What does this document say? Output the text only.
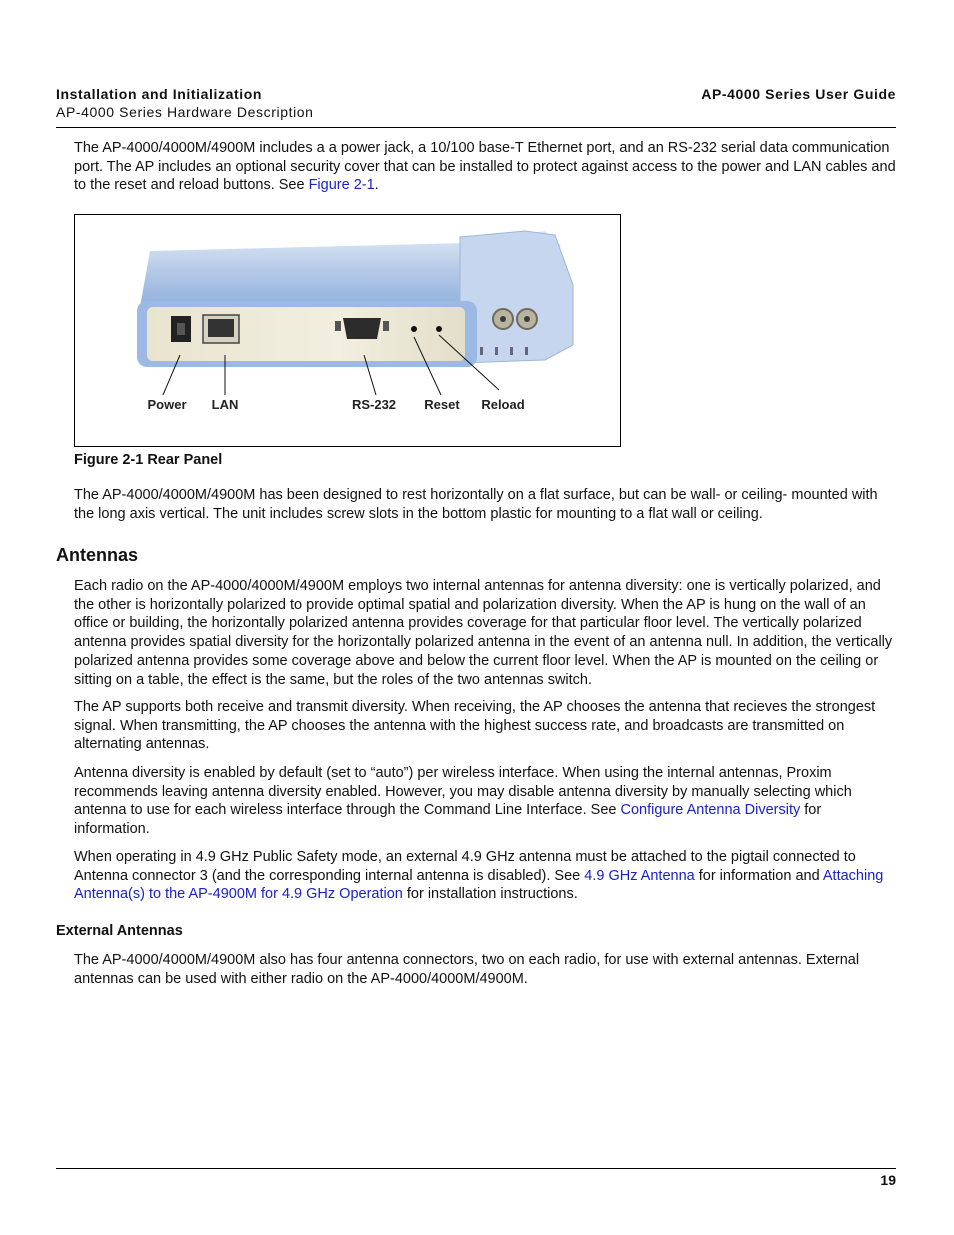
Installation and Initialization
AP-4000 Series Hardware Description
AP-4000 Series User Guide

The AP-4000/4000M/4900M includes a a power jack, a 10/100 base-T Ethernet port, and an RS-232 serial data communication port. The AP includes an optional security cover that can be installed to protect against access to the power and LAN cables and to the reset and reload buttons. See Figure 2-1.

Power LAN	RS-232 Reset Reload
Figure 2-1 Rear Panel

The AP-4000/4000M/4900M has been designed to rest horizontally on a flat surface, but can be wall- or ceiling- mounted with the long axis vertical. The unit includes screw slots in the bottom plastic for mounting to a flat wall or ceiling.

Antennas

Each radio on the AP-4000/4000M/4900M employs two internal antennas for antenna diversity: one is vertically polarized, and the other is horizontally polarized to provide optimal spatial and polarization diversity. When the AP is hung on the wall of an office or building, the horizontally polarized antenna provides coverage for that particular floor level. The vertically polarized antenna provides spatial diversity for the horizontally polarized antenna in the event of an antenna null. In addition, the vertically polarized antenna provides some coverage above and below the current floor level. When the AP is mounted on the ceiling or sitting on a table, the effect is the same, but the roles of the two antennas switch.

The AP supports both receive and transmit diversity. When receiving, the AP chooses the antenna that recieves the strongest signal. When transmitting, the AP chooses the antenna with the highest success rate, and broadcasts are transmitted on alternating antennas.

Antenna diversity is enabled by default (set to “auto”) per wireless interface. When using the internal antennas, Proxim recommends leaving antenna diversity enabled. However, you may disable antenna diversity by manually selecting which antenna to use for each wireless interface through the Command Line Interface. See Configure Antenna Diversity for information.

When operating in 4.9 GHz Public Safety mode, an external 4.9 GHz antenna must be attached to the pigtail connected to Antenna connector 3 (and the corresponding internal antenna is disabled). See 4.9 GHz Antenna for information and Attaching Antenna(s) to the AP-4900M for 4.9 GHz Operation for installation instructions.

External Antennas

The AP-4000/4000M/4900M also has four antenna connectors, two on each radio, for use with external antennas. External antennas can be used with either radio on the AP-4000/4000M/4900M.

19
